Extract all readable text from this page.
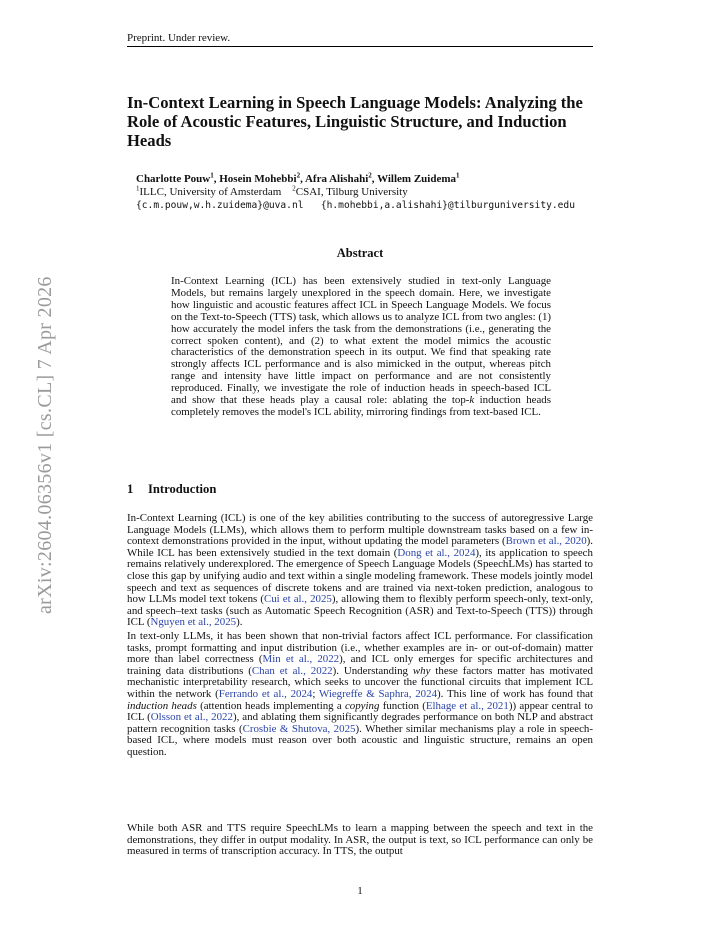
Preprint. Under review.
arXiv:2604.06356v1 [cs.CL] 7 Apr 2026
In-Context Learning in Speech Language Models: Analyzing the Role of Acoustic Features, Linguistic Structure, and Induction Heads
Charlotte Pouw$^1$, Hosein Mohebbi$^2$, Afra Alishahi$^2$, Willem Zuidema$^1$
$^1$ILLC, University of Amsterdam $^2$CSAI, Tilburg University
{c.m.pouw,w.h.zuidema}@uva.nl {h.mohebbi,a.alishahi}@tilburguniversity.edu
Abstract
In-Context Learning (ICL) has been extensively studied in text-only Language Models, but remains largely unexplored in the speech domain. Here, we investigate how linguistic and acoustic features affect ICL in Speech Language Models. We focus on the Text-to-Speech (TTS) task, which allows us to analyze ICL from two angles: (1) how accurately the model infers the task from the demonstrations (i.e., generating the correct spoken content), and (2) to what extent the model mimics the acoustic characteristics of the demonstration speech in its output. We find that speaking rate strongly affects ICL performance and is also mimicked in the output, whereas pitch range and intensity have little impact on performance and are not consistently reproduced. Finally, we investigate the role of induction heads in speech-based ICL and show that these heads play a causal role: ablating the top-k induction heads completely removes the model's ICL ability, mirroring findings from text-based ICL.
1 Introduction

In-Context Learning (ICL) is one of the key abilities contributing to the success of autoregressive Large Language Models (LLMs), which allows them to perform multiple downstream tasks based on a few in-context demonstrations provided in the input, without updating the model parameters (Brown et al., 2020). While ICL has been extensively studied in the text domain (Dong et al., 2024), its application to speech remains relatively underexplored. The emergence of Speech Language Models (SpeechLMs) has started to close this gap by unifying audio and text within a single modeling framework. These models jointly model speech and text as sequences of discrete tokens and are trained via next-token prediction, analogous to how LLMs model text tokens (Cui et al., 2025), allowing them to flexibly perform speech-only, text-only, and speech–text tasks (such as Automatic Speech Recognition (ASR) and Text-to-Speech (TTS)) through ICL (Nguyen et al., 2025).

In text-only LLMs, it has been shown that non-trivial factors affect ICL performance. For classification tasks, prompt formatting and input distribution (i.e., whether examples are in- or out-of-domain) matter more than label correctness (Min et al., 2022), and ICL only emerges for specific architectures and training data distributions (Chan et al., 2022). Understanding why these factors matter has motivated mechanistic interpretability research, which seeks to uncover the functional circuits that implement ICL within the network (Ferrando et al., 2024; Wiegreffe & Saphra, 2024). This line of work has found that induction heads (attention heads implementing a copying function (Elhage et al., 2021)) appear central to ICL (Olsson et al., 2022), and ablating them significantly degrades performance on both NLP and abstract pattern recognition tasks (Crosbie & Shutova, 2025). Whether similar mechanisms play a role in speech-based ICL, where models must reason over both acoustic and linguistic structure, remains an open question.

While both ASR and TTS require SpeechLMs to learn a mapping between the speech and text in the demonstrations, they differ in output modality. In ASR, the output is text, so ICL performance can only be measured in terms of transcription accuracy. In TTS, the output

1
